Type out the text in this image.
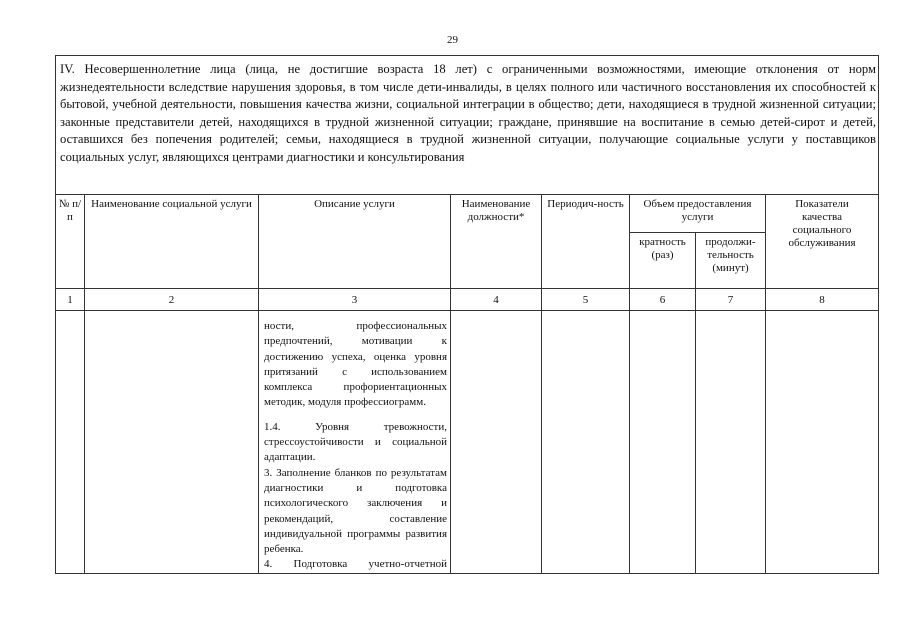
29
IV. Несовершеннолетние лица (лица, не достигшие возраста 18 лет) с ограниченными возможностями, имеющие отклонения от норм жизнедеятельности вследствие нарушения здоровья, в том числе дети-инвалиды, в целях полного или частичного восстановления их способностей к бытовой, учебной деятельности, повышения качества жизни, социальной интеграции в общество; дети, находящиеся в трудной жизненной ситуации; законные представители детей, находящихся в трудной жизненной ситуации; граждане, принявшие на воспитание в семью детей-сирот и детей, оставшихся без попечения родителей; семьи, находящиеся в трудной жизненной ситуации, получающие социальные услуги у поставщиков социальных услуг, являющихся центрами диагностики и консультирования							

№ п/п	Наименование социальной услуги	Описание услуги	Наименование должности*	Периодич-ность	Объем предоставления услуги		Показатели качества социального обслуживания
					кратность (раз)	продолжи-тельность (минут)	
1	2	3	4	5	6	7	8

		ности, профессиональных предпочтений, мотивации к достижению успеха, оценка уровня притязаний с использованием комплекса профориентационных методик, модуля профессиограмм.

1.4. Уровня тревожности, стрессоустойчивости и социальной адаптации.

3. Заполнение бланков по результатам диагностики и подготовка психологического заключения и рекомендаций, составление индивидуальной программы развития ребенка.

4. Подготовка учетно-отчетной					
